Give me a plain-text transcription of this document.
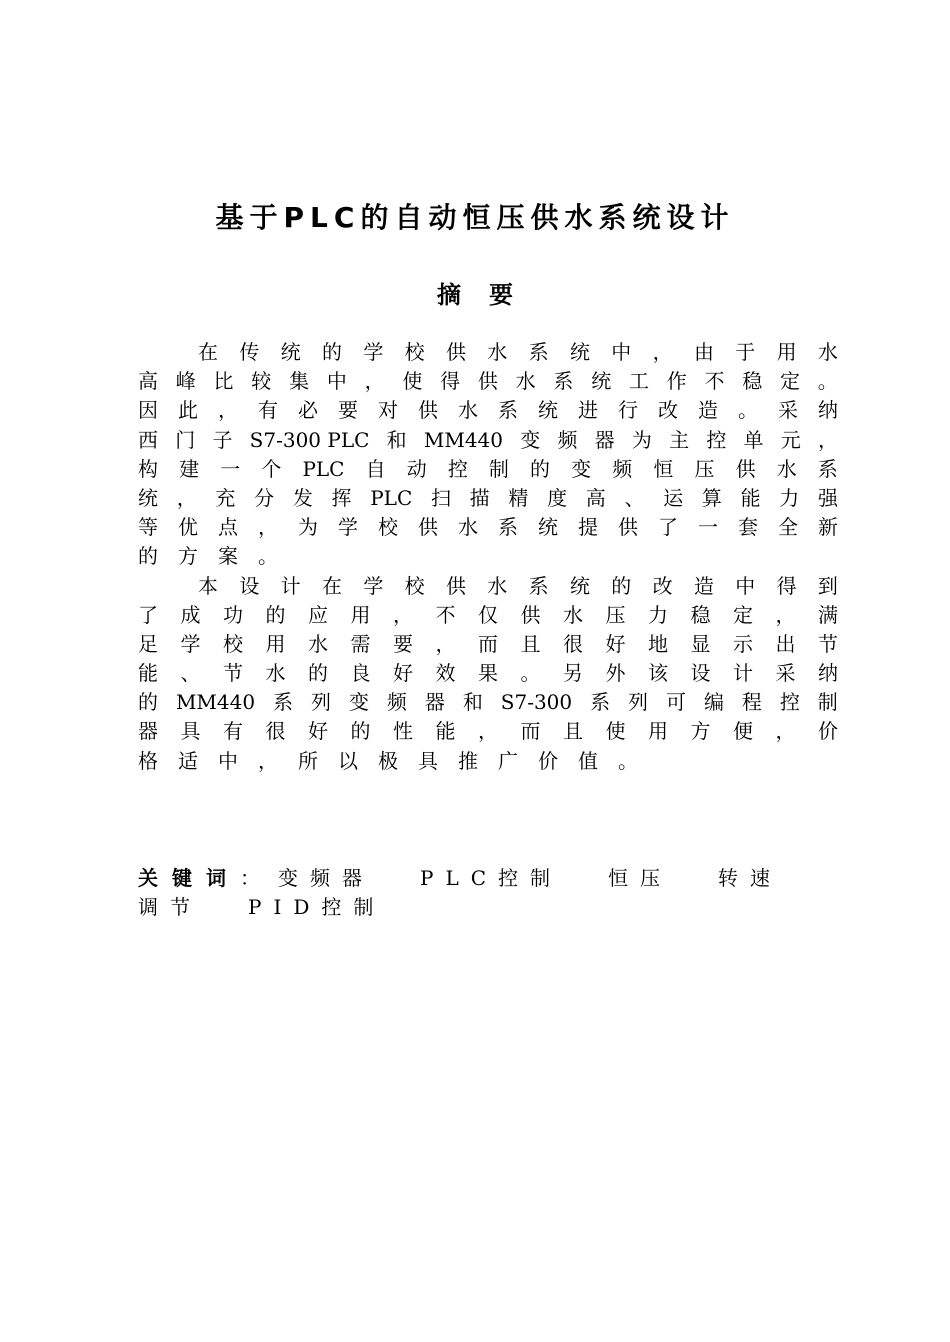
基于PLC的自动恒压供水系统设计
摘 要
在 传 统 的 学 校 供 水 系 统 中 ， 由 于 用 水
高 峰 比 较 集 中 ， 使 得 供 水 系 统 工 作 不 稳 定 。
因 此 ， 有 必 要 对 供 水 系 统 进 行 改 造 。 采 纳
西 门 子 S7-300 PLC 和 MM440 变 频 器 为 主 控 单 元 ，
构 建 一 个 PLC 自 动 控 制 的 变 频 恒 压 供 水 系
统 ， 充 分 发 挥 PLC 扫 描 精 度 高 、 运 算 能 力 强
等 优 点 ， 为 学 校 供 水 系 统 提 供 了 一 套 全 新
的 方 案 。
本 设 计 在 学 校 供 水 系 统 的 改 造 中 得 到
了 成 功 的 应 用 ， 不 仅 供 水 压 力 稳 定 ， 满
足 学 校 用 水 需 要 ， 而 且 很 好 地 显 示 出 节
能 、 节 水 的 良 好 效 果 。 另 外 该 设 计 采 纳
的 MM440 系 列 变 频 器 和 S7-300 系 列 可 编 程 控 制
器 具 有 很 好 的 性 能 ， 而 且 使 用 方 便 ， 价
格 适 中 ， 所 以 极 具 推 广 价 值 。
关键词： 变频器 PLC控制 恒压 转速
调节 PID控制
